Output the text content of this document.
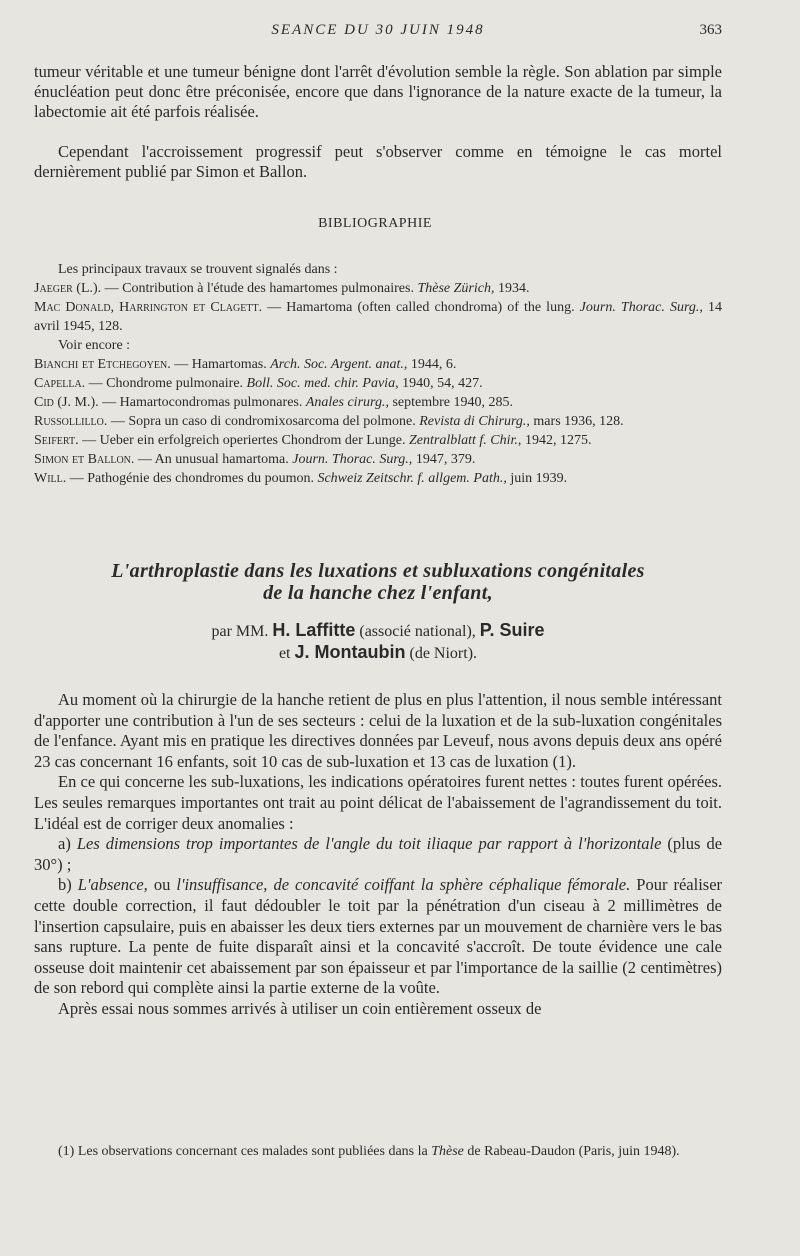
SEANCE DU 30 JUIN 1948	363
tumeur véritable et une tumeur bénigne dont l'arrêt d'évolution semble la règle. Son ablation par simple énucléation peut donc être préconisée, encore que dans l'ignorance de la nature exacte de la tumeur, la labectomie ait été parfois réalisée.
Cependant l'accroissement progressif peut s'observer comme en témoigne le cas mortel dernièrement publié par Simon et Ballon.
BIBLIOGRAPHIE
Les principaux travaux se trouvent signalés dans :
Jaeger (L.). — Contribution à l'étude des hamartomes pulmonaires. Thèse Zürich, 1934.
Mac Donald, Harrington et Clagett. — Hamartoma (often called chondroma) of the lung. Journ. Thorac. Surg., 14 avril 1945, 128.
Voir encore :
Bianchi et Etchegoyen. — Hamartomas. Arch. Soc. Argent. anat., 1944, 6.
Capella. — Chondrome pulmonaire. Boll. Soc. med. chir. Pavia, 1940, 54, 427.
Cid (J. M.). — Hamartocondromas pulmonares. Anales cirurg., septembre 1940, 285.
Russollillo. — Sopra un caso di condromixosarcoma del polmone. Revista di Chirurg., mars 1936, 128.
Seifert. — Ueber ein erfolgreich operiertes Chondrom der Lunge. Zentralblatt f. Chir., 1942, 1275.
Simon et Ballon. — An unusual hamartoma. Journ. Thorac. Surg., 1947, 379.
Will. — Pathogénie des chondromes du poumon. Schweiz Zeitschr. f. allgem. Path., juin 1939.
L'arthroplastie dans les luxations et subluxations congénitales
de la hanche chez l'enfant,
par MM. H. Laffitte (associé national), P. Suire
et J. Montaubin (de Niort).

Au moment où la chirurgie de la hanche retient de plus en plus l'attention, il nous semble intéressant d'apporter une contribution à l'un de ses secteurs : celui de la luxation et de la sub-luxation congénitales de l'enfance. Ayant mis en pratique les directives données par Leveuf, nous avons depuis deux ans opéré 23 cas concernant 16 enfants, soit 10 cas de sub-luxation et 13 cas de luxation (1).

En ce qui concerne les sub-luxations, les indications opératoires furent nettes : toutes furent opérées. Les seules remarques importantes ont trait au point délicat de l'abaissement de l'agrandissement du toit. L'idéal est de corriger deux anomalies :

a) Les dimensions trop importantes de l'angle du toit iliaque par rapport à l'horizontale (plus de 30°) ;

b) L'absence, ou l'insuffisance, de concavité coiffant la sphère céphalique fémorale. Pour réaliser cette double correction, il faut dédoubler le toit par la pénétration d'un ciseau à 2 millimètres de l'insertion capsulaire, puis en abaisser les deux tiers externes par un mouvement de charnière vers le bas sans rupture. La pente de fuite disparaît ainsi et la concavité s'accroît. De toute évidence une cale osseuse doit maintenir cet abaissement par son épaisseur et par l'importance de la saillie (2 centimètres) de son rebord qui complète ainsi la partie externe de la voûte.

Après essai nous sommes arrivés à utiliser un coin entièrement osseux de

(1) Les observations concernant ces malades sont publiées dans la Thèse de Rabeau-Daudon (Paris, juin 1948).
